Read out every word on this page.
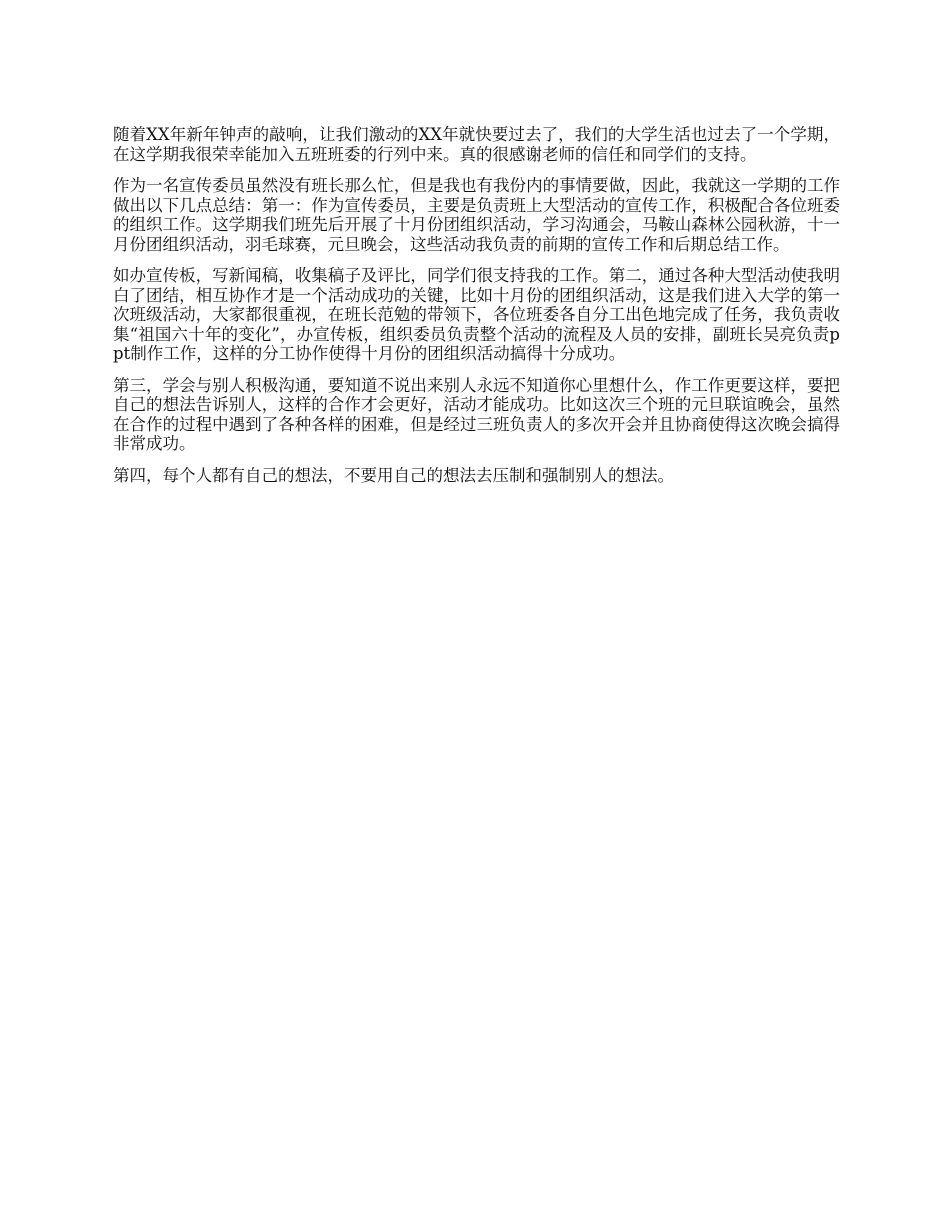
随着XX年新年钟声的敲响，让我们激动的XX年就快要过去了，我们的大学生活也过去了一个学期，在这学期我很荣幸能加入五班班委的行列中来。真的很感谢老师的信任和同学们的支持。

作为一名宣传委员虽然没有班长那么忙，但是我也有我份内的事情要做，因此，我就这一学期的工作做出以下几点总结：第一：作为宣传委员，主要是负责班上大型活动的宣传工作，积极配合各位班委的组织工作。这学期我们班先后开展了十月份团组织活动，学习沟通会，马鞍山森林公园秋游，十一月份团组织活动，羽毛球赛，元旦晚会，这些活动我负责的前期的宣传工作和后期总结工作。

如办宣传板，写新闻稿，收集稿子及评比，同学们很支持我的工作。第二，通过各种大型活动使我明白了团结，相互协作才是一个活动成功的关键，比如十月份的团组织活动，这是我们进入大学的第一次班级活动，大家都很重视，在班长范勉的带领下，各位班委各自分工出色地完成了任务，我负责收集“祖国六十年的变化”，办宣传板，组织委员负责整个活动的流程及人员的安排，副班长吴亮负责ppt制作工作，这样的分工协作使得十月份的团组织活动搞得十分成功。

第三，学会与别人积极沟通，要知道不说出来别人永远不知道你心里想什么，作工作更要这样，要把自己的想法告诉别人，这样的合作才会更好，活动才能成功。比如这次三个班的元旦联谊晚会，虽然在合作的过程中遇到了各种各样的困难，但是经过三班负责人的多次开会并且协商使得这次晚会搞得非常成功。

第四，每个人都有自己的想法，不要用自己的想法去压制和强制别人的想法。
